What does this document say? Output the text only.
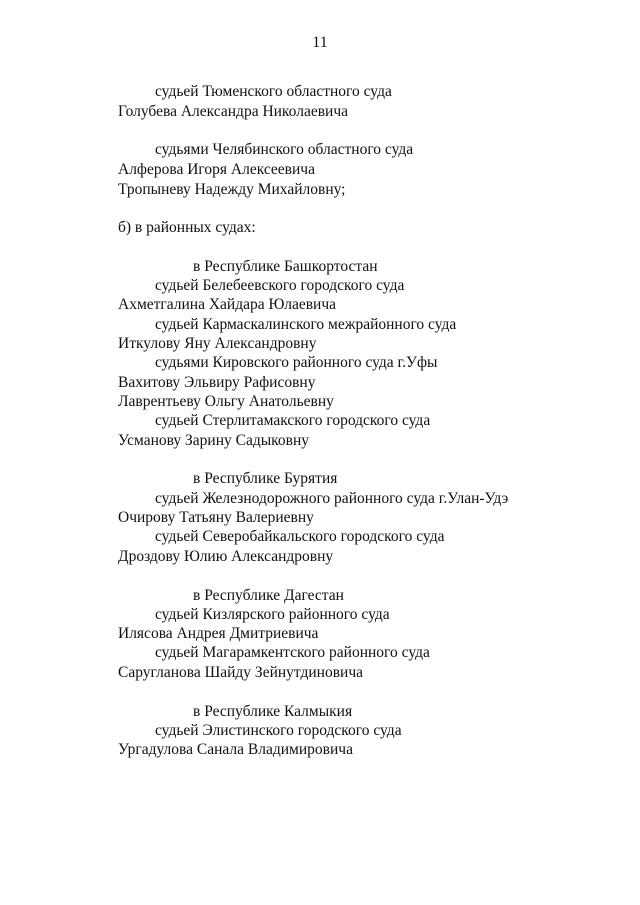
11
судьей Тюменского областного суда
Голубева Александра Николаевича
судьями Челябинского областного суда
Алферова Игоря Алексеевича
Тропыневу Надежду Михайловну;
б) в районных судах:
в Республике Башкортостан
судьей Белебеевского городского суда
Ахметгалина Хайдара Юлаевича
судьей Кармаскалинского межрайонного суда
Иткулову Яну Александровну
судьями Кировского районного суда г.Уфы
Вахитову Эльвиру Рафисовну
Лаврентьеву Ольгу Анатольевну
судьей Стерлитамакского городского суда
Усманову Зарину Садыковну
в Республике Бурятия
судьей Железнодорожного районного суда г.Улан-Удэ
Очирову Татьяну Валериевну
судьей Северобайкальского городского суда
Дроздову Юлию Александровну
в Республике Дагестан
судьей Кизлярского районного суда
Илясова Андрея Дмитриевича
судьей Магарамкентского районного суда
Саругланова Шайду Зейнутдиновича
в Республике Калмыкия
судьей Элистинского городского суда
Ургадулова Санала Владимировича
